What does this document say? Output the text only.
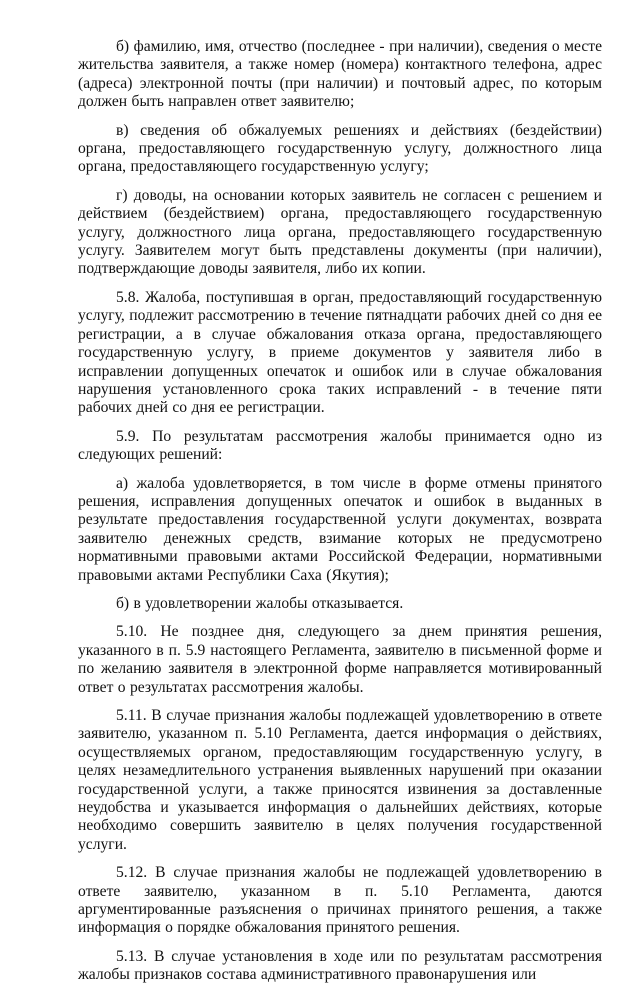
б) фамилию, имя, отчество (последнее - при наличии), сведения о месте жительства заявителя, а также номер (номера) контактного телефона, адрес (адреса) электронной почты (при наличии) и почтовый адрес, по которым должен быть направлен ответ заявителю;

в) сведения об обжалуемых решениях и действиях (бездействии) органа, предоставляющего государственную услугу, должностного лица органа, предоставляющего государственную услугу;

г) доводы, на основании которых заявитель не согласен с решением и действием (бездействием) органа, предоставляющего государственную услугу, должностного лица органа, предоставляющего государственную услугу. Заявителем могут быть представлены документы (при наличии), подтверждающие доводы заявителя, либо их копии.

5.8. Жалоба, поступившая в орган, предоставляющий государственную услугу, подлежит рассмотрению в течение пятнадцати рабочих дней со дня ее регистрации, а в случае обжалования отказа органа, предоставляющего государственную услугу, в приеме документов у заявителя либо в исправлении допущенных опечаток и ошибок или в случае обжалования нарушения установленного срока таких исправлений - в течение пяти рабочих дней со дня ее регистрации.

5.9. По результатам рассмотрения жалобы принимается одно из следующих решений:

а) жалоба удовлетворяется, в том числе в форме отмены принятого решения, исправления допущенных опечаток и ошибок в выданных в результате предоставления государственной услуги документах, возврата заявителю денежных средств, взимание которых не предусмотрено нормативными правовыми актами Российской Федерации, нормативными правовыми актами Республики Саха (Якутия);

б) в удовлетворении жалобы отказывается.

5.10. Не позднее дня, следующего за днем принятия решения, указанного в п. 5.9 настоящего Регламента, заявителю в письменной форме и по желанию заявителя в электронной форме направляется мотивированный ответ о результатах рассмотрения жалобы.

5.11. В случае признания жалобы подлежащей удовлетворению в ответе заявителю, указанном п. 5.10 Регламента, дается информация о действиях, осуществляемых органом, предоставляющим государственную услугу, в целях незамедлительного устранения выявленных нарушений при оказании государственной услуги, а также приносятся извинения за доставленные неудобства и указывается информация о дальнейших действиях, которые необходимо совершить заявителю в целях получения государственной услуги.

5.12. В случае признания жалобы не подлежащей удовлетворению в ответе заявителю, указанном в п. 5.10 Регламента, даются аргументированные разъяснения о причинах принятого решения, а также информация о порядке обжалования принятого решения.

5.13. В случае установления в ходе или по результатам рассмотрения жалобы признаков состава административного правонарушения или
